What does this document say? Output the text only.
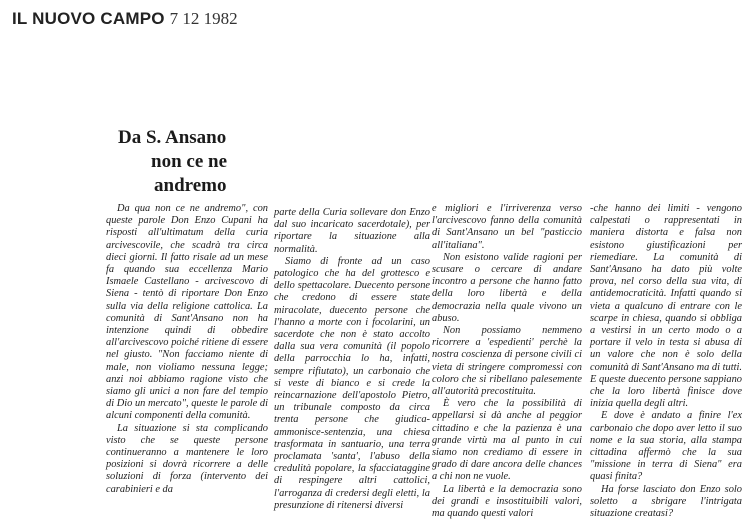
IL NUOVO CAMPO 7 12 1982
Da S. Ansano
non ce ne
andremo

Da qua non ce ne andremo", con queste parole Don Enzo Cupani ha risposti all'ultimatum della curia arcivescovile, che scadrà tra circa dieci giorni. Il fatto risale ad un mese fa quando sua eccellenza Mario Ismaele Castellano - arcivescovo di Siena - tentò di riportare Don Enzo sulla via della religione cattolica. La comunità di Sant'Ansano non ha intenzione quindi di obbedire all'arcivescovo poiché ritiene di essere nel giusto. "Non facciamo niente di male, non violiamo nessuna legge; anzi noi abbiamo ragione visto che siamo gli unici a non fare del tempio di Dio un mercato", queste le parole di alcuni componenti della comunità.

La situazione si sta complicando visto che se queste persone continueranno a mantenere le loro posizioni si dovrà ricorrere a delle soluzioni di forza (intervento dei carabinieri e da

parte della Curia sollevare don Enzo dal suo incaricato sacerdotale), per riportare la situazione alla normalità.

Siamo di fronte ad un caso patologico che ha del grottesco e dello spettacolare. Duecento persone che credono di essere state miracolate, duecento persone che l'hanno a morte con i focolarini, un sacerdote che non è stato accolto dalla sua vera comunità (il popolo della parrocchia lo ha, infatti, sempre rifiutato), un carbonaio che si veste di bianco e si crede la reincarnazione dell'apostolo Pietro, un tribunale composto da circa trenta persone che giudica-ammonisce-sentenzia, una chiesa trasformata in santuario, una terra proclamata 'santa', l'abuso della credulità popolare, la sfacciataggine di respingere altri cattolici, l'arroganza di credersi degli eletti, la presunzione di ritenersi diversi

e migliori e l'irriverenza verso l'arcivescovo fanno della comunità di Sant'Ansano un bel "pasticcio all'italiana".

Non esistono valide ragioni per scusare o cercare di andare incontro a persone che hanno fatto della loro libertà e della democrazia nella quale vivono un abuso.

Non possiamo nemmeno ricorrere a 'espedienti' perchè la nostra coscienza di persone civili ci vieta di stringere compromessi con coloro che si ribellano palesemente all'autorità precostituita.

È vero che la possibilità di appellarsi si dà anche al peggior cittadino e che la pazienza è una grande virtù ma al punto in cui siamo non crediamo di essere in grado di dare ancora delle chances a chi non ne vuole.

La libertà e la democrazia sono dei grandi e insostituibili valori, ma quando questi valori

-che hanno dei limiti - vengono calpestati o rappresentati in maniera distorta e falsa non esistono giustificazioni per riemediare. La comunità di Sant'Ansano ha dato più volte prova, nel corso della sua vita, di antidemocraticità. Infatti quando si vieta a qualcuno di entrare con le scarpe in chiesa, quando si obbliga a vestirsi in un certo modo o a portare il velo in testa si abusa di un valore che non è solo della comunità di Sant'Ansano ma di tutti. E queste duecento persone sappiano che la loro libertà finisce dove inizia quella degli altri.

E dove è andato a finire l'ex carbonaio che dopo aver letto il suo nome e la sua storia, alla stampa cittadina affermò che la sua "missione in terra di Siena" era quasi finita?

Ha forse lasciato don Enzo solo soletto a sbrigare l'intrigata situazione creatasi?
